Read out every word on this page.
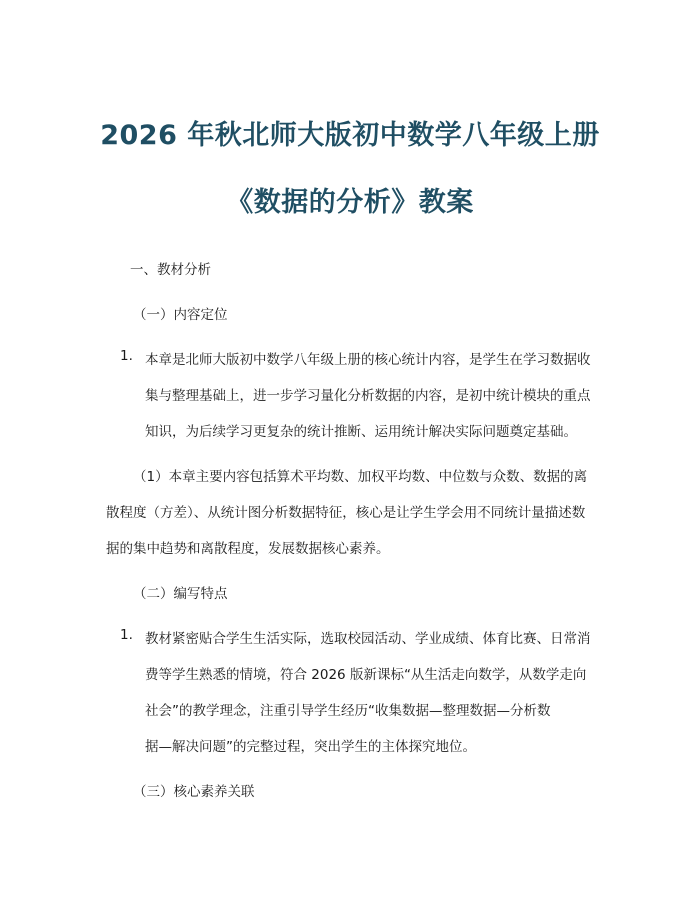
2026 年秋北师大版初中数学八年级上册
《数据的分析》教案
一、教材分析
（一）内容定位
1. 本章是北师大版初中数学八年级上册的核心统计内容，是学生在学习数据收
集与整理基础上，进一步学习量化分析数据的内容，是初中统计模块的重点
知识，为后续学习更复杂的统计推断、运用统计解决实际问题奠定基础。
（1）本章主要内容包括算术平均数、加权平均数、中位数与众数、数据的离
散程度（方差）、从统计图分析数据特征，核心是让学生学会用不同统计量描述数
据的集中趋势和离散程度，发展数据核心素养。
（二）编写特点
1. 教材紧密贴合学生生活实际，选取校园活动、学业成绩、体育比赛、日常消
费等学生熟悉的情境，符合 2026 版新课标“从生活走向数学，从数学走向
社会”的教学理念，注重引导学生经历“收集数据—整理数据—分析数
据—解决问题”的完整过程，突出学生的主体探究地位。
（三）核心素养关联
